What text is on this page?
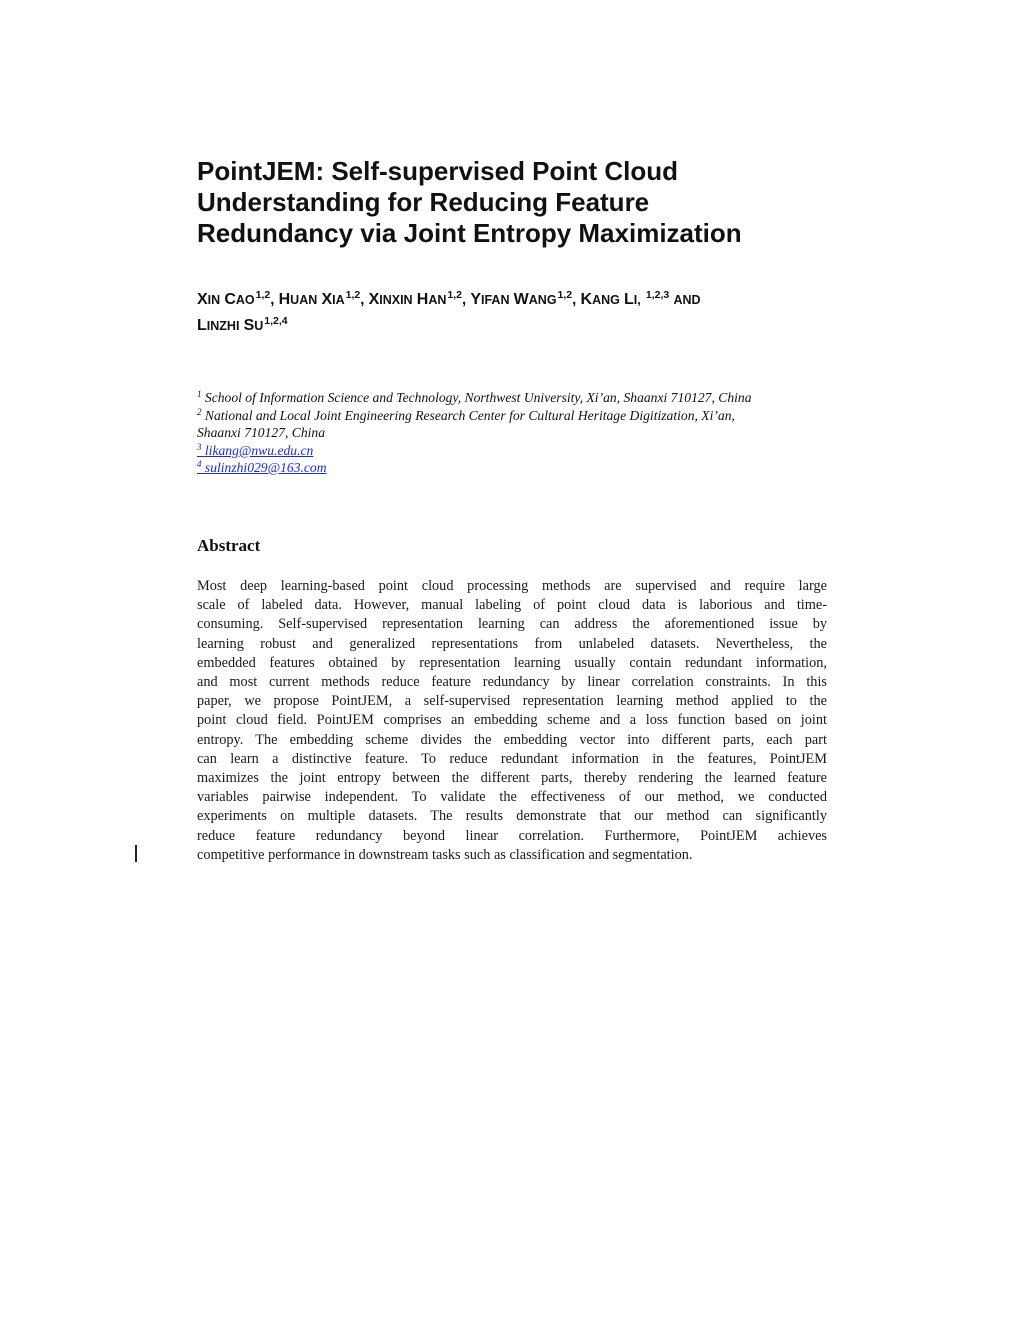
PointJEM: Self-supervised Point Cloud
Understanding for Reducing Feature
Redundancy via Joint Entropy Maximization
XIN CAO$^{1,2}$, HUAN XIA$^{1,2}$, XINXIN HAN$^{1,2}$, YIFAN WANG$^{1,2}$, KANG LI, $^{1,2,3}$ AND
LINZHI SU$^{1,2,4}$
$^1$ School of Information Science and Technology, Northwest University, Xi’an, Shaanxi 710127, China
$^2$ National and Local Joint Engineering Research Center for Cultural Heritage Digitization, Xi’an,
Shaanxi 710127, China
$^3$ likang@nwu.edu.cn
$^4$ sulinzhi029@163.com
Abstract
Most deep learning-based point cloud processing methods are supervised and require large
scale of labeled data. However, manual labeling of point cloud data is laborious and time-
consuming. Self-supervised representation learning can address the aforementioned issue by
learning robust and generalized representations from unlabeled datasets. Nevertheless, the
embedded features obtained by representation learning usually contain redundant information,
and most current methods reduce feature redundancy by linear correlation constraints. In this
paper, we propose PointJEM, a self-supervised representation learning method applied to the
point cloud field. PointJEM comprises an embedding scheme and a loss function based on joint
entropy. The embedding scheme divides the embedding vector into different parts, each part
can learn a distinctive feature. To reduce redundant information in the features, PointJEM
maximizes the joint entropy between the different parts, thereby rendering the learned feature
variables pairwise independent. To validate the effectiveness of our method, we conducted
experiments on multiple datasets. The results demonstrate that our method can significantly
reduce feature redundancy beyond linear correlation. Furthermore, PointJEM achieves
competitive performance in downstream tasks such as classification and segmentation.
